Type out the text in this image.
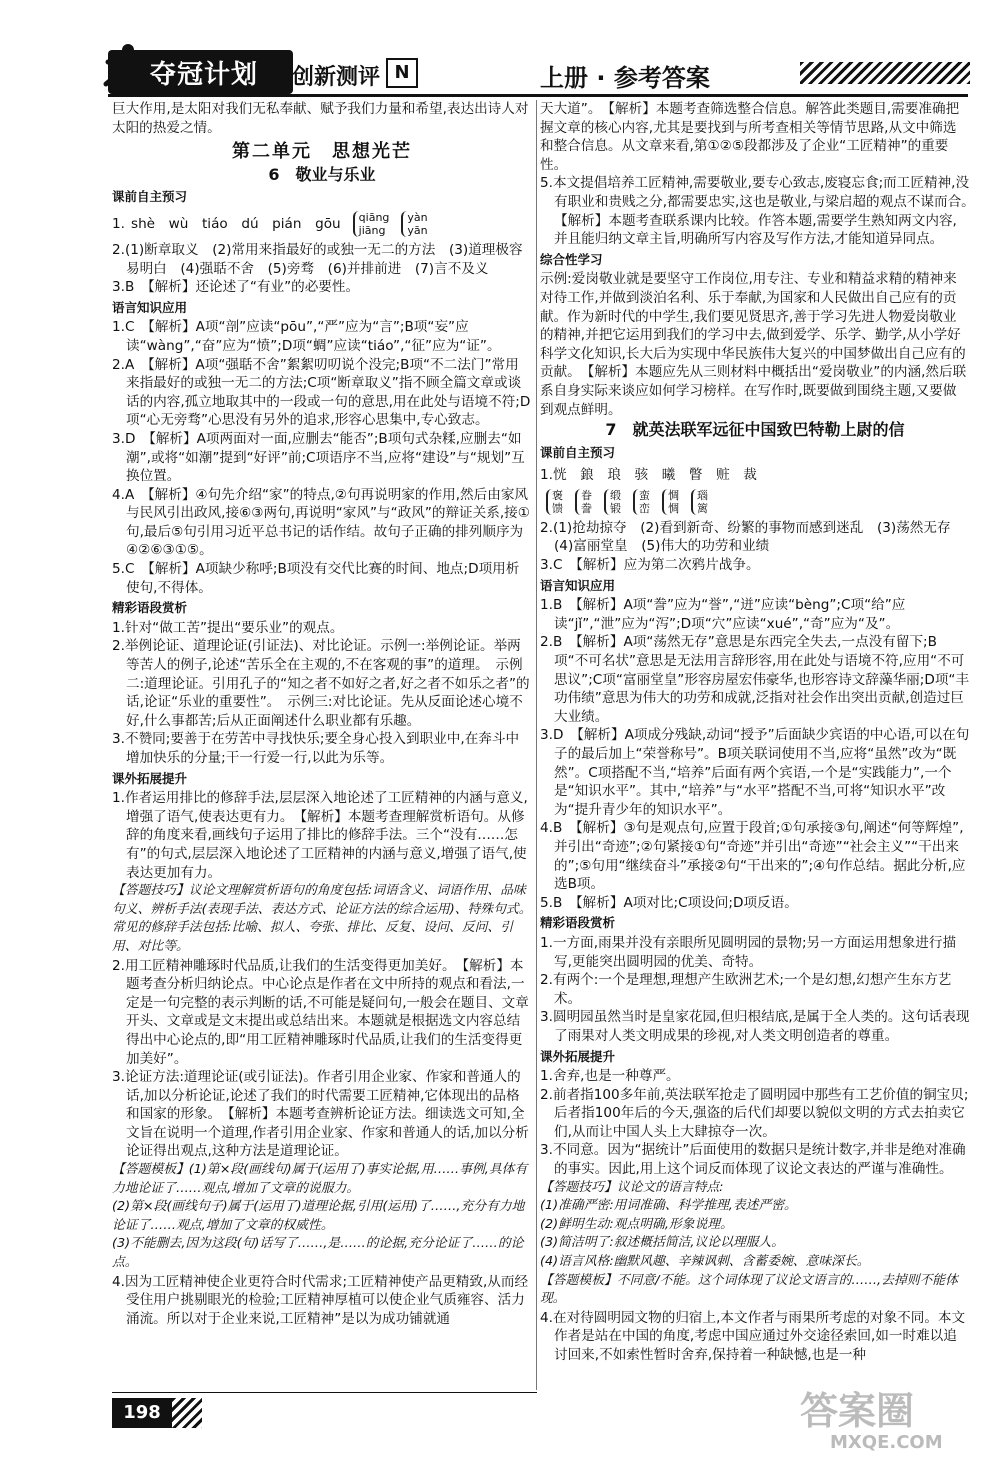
夺冠计划 创新测评 N	上册 · 参考答案

巨大作用,是太阳对我们无私奉献、赋予我们力量和希望,表达出诗人对太阳的热爱之情。

第二单元　思想光芒
6　敬业与乐业
课前自主预习
1. shè　wù　tiáo　dú　pián　gōu qiāng
jiāng
yàn
yān

2.(1)断章取义　(2)常用来指最好的或独一无二的方法　(3)道理极容易明白　(4)强聒不舍　(5)旁骛　(6)并排前进　(7)言不及义

3.B　【解析】还论述了“有业”的必要性。

语言知识应用

1.C　【解析】A项“剖”应读“pōu”,“严”应为“言”;B项“妄”应读“wàng”,“奋”应为“愤”;D项“蜩”应读“tiáo”,“征”应为“证”。

2.A　【解析】A项“强聒不舍”絮絮叨叨说个没完;B项“不二法门”常用来指最好的或独一无二的方法;C项“断章取义”指不顾全篇文章或谈话的内容,孤立地取其中的一段或一句的意思,用在此处与语境不符;D项“心无旁骛”心思没有另外的追求,形容心思集中,专心致志。

3.D　【解析】A项两面对一面,应删去“能否”;B项句式杂糅,应删去“如潮”,或将“如潮”提到“好评”前;C项语序不当,应将“建设”与“规划”互换位置。

4.A　【解析】④句先介绍“家”的特点,②句再说明家的作用,然后由家风与民风引出政风,接⑥③两句,再说明“家风”与“政风”的辩证关系,接①句,最后⑤句引用习近平总书记的话作结。故句子正确的排列顺序为④②⑥③①⑤。

5.C　【解析】A项缺少称呼;B项没有交代比赛的时间、地点;D项用析使句,不得体。

精彩语段赏析

1.针对“做工苦”提出“要乐业”的观点。

2.举例论证、道理论证(引证法)、对比论证。示例一:举例论证。举两等苦人的例子,论述“苦乐全在主观的,不在客观的事”的道理。　示例二:道理论证。引用孔子的“知之者不如好之者,好之者不如乐之者”的话,论证“乐业的重要性”。　示例三:对比论证。先从反面论述心境不好,什么事都苦;后从正面阐述什么职业都有乐趣。

3.不赞同;要善于在劳苦中寻找快乐;要全身心投入到职业中,在奔斗中增加快乐的分量;干一行爱一行,以此为乐等。

课外拓展提升

1.作者运用排比的修辞手法,层层深入地论述了工匠精神的内涵与意义,增强了语气,使表达更有力。　【解析】本题考查理解赏析语句。从修辞的角度来看,画线句子运用了排比的修辞手法。三个“没有……怎有”的句式,层层深入地论述了工匠精神的内涵与意义,增强了语气,使表达更加有力。

【答题技巧】议论文理解赏析语句的角度包括:词语含义、词语作用、品味句义、辨析手法(表现手法、表达方式、论证方法的综合运用)、特殊句式。常见的修辞手法包括:比喻、拟人、夸张、排比、反复、设问、反问、引用、对比等。

2.用工匠精神雕琢时代品质,让我们的生活变得更加美好。　【解析】本题考查分析归纳论点。中心论点是作者在文中所持的观点和看法,一定是一句完整的表示判断的话,不可能是疑问句,一般会在题目、文章开头、文章或是文末提出或总结出来。本题就是根据选文内容总结得出中心论点的,即“用工匠精神雕琢时代品质,让我们的生活变得更加美好”。

3.论证方法:道理论证(或引证法)。作者引用企业家、作家和普通人的话,加以分析论证,论述了我们的时代需要工匠精神,它体现出的品格和国家的形象。　【解析】本题考查辨析论证方法。细读选文可知,全文旨在说明一个道理,作者引用企业家、作家和普通人的话,加以分析论证得出观点,这种方法是道理论证。

【答题模板】(1)第×段(画线句)属于(运用了)事实论据,用……事例,具体有力地论证了……观点,增加了文章的说服力。

(2)第×段(画线句子)属于(运用了)道理论据,引用(运用)了……,充分有力地论证了……观点,增加了文章的权威性。

(3)不能删去,因为这段(句)话写了……,是……的论据,充分论证了……的论点。

4.因为工匠精神使企业更符合时代需求;工匠精神使产品更精致,从而经受住用户挑剔眼光的检验;工匠精神厚植可以使企业气质雍容、活力涌流。所以对于企业来说,工匠精神”是以为成功铺就通

天大道”。　【解析】本题考查筛选整合信息。解答此类题目,需要准确把握文章的核心内容,尤其是要找到与所考查相关等情节思路,从文中筛选和整合信息。从文章来看,第①②⑤段都涉及了企业“工匠精神”的重要性。

5.本文提倡培养工匠精神,需要敬业,要专心致志,废寝忘食;而工匠精神,没有职业和贵贱之分,都需要忠实,这也是敬业,与梁启超的观点不谋而合。　【解析】本题考查联系课内比较。作答本题,需要学生熟知两文内容,并且能归纳文章主旨,明确所写内容及写作方法,才能知道异同点。

综合性学习

示例:爱岗敬业就是要坚守工作岗位,用专注、专业和精益求精的精神来对待工作,并做到淡泊名利、乐于奉献,为国家和人民做出自己应有的贡献。作为新时代的中学生,我们要见贤思齐,善于学习先进人物爱岗敬业的精神,并把它运用到我们的学习中去,做到爱学、乐学、勤学,从小学好科学文化知识,长大后为实现中华民族伟大复兴的中国梦做出自己应有的贡献。　【解析】本题应先从三则材料中概括出“爱岗敬业”的内涵,然后联系自身实际来谈应如何学习榜样。在写作时,既要做到围绕主题,又要做到观点鲜明。

7　就英法联军远征中国致巴特勒上尉的信
课前自主预习
1.恍　鋃　琅　骇　曦　瞥　赃　裁
褒
馈
眷
誊
缎
锻
蛮
峦
惆
惆
瑙
篱

2.(1)抢劫掠夺　(2)看到新奇、纷繁的事物而感到迷乱　(3)荡然无存　(4)富丽堂皇　(5)伟大的功劳和业绩

3.C　【解析】应为第二次鸦片战争。

语言知识应用

1.B　【解析】A项“誊”应为“誉”,“迸”应读“bèng”;C项“给”应读“jǐ”,“泄”应为“泻”;D项“穴”应读“xué”,“奇”应为“及”。

2.B　【解析】A项“荡然无存”意思是东西完全失去,一点没有留下;B项“不可名状”意思是无法用言辞形容,用在此处与语境不符,应用“不可思议”;C项“富丽堂皇”形容房屋宏伟豪华,也形容诗文辞藻华丽;D项“丰功伟绩”意思为伟大的功劳和成就,泛指对社会作出突出贡献,创造过巨大业绩。

3.D　【解析】A项成分残缺,动词“授予”后面缺少宾语的中心语,可以在句子的最后加上“荣誉称号”。B项关联词使用不当,应将“虽然”改为“既然”。C项搭配不当,“培养”后面有两个宾语,一个是“实践能力”,一个是“知识水平”。其中,“培养”与“水平”搭配不当,可将“知识水平”改为“提升青少年的知识水平”。

4.B　【解析】③句是观点句,应置于段首;①句承接③句,阐述“何等辉煌”,并引出“奇迹”;②句紧接①句“奇迹”并引出“奇迹”“社会主义”“干出来的”;⑤句用“继续奋斗”承接②句“干出来的”;④句作总结。据此分析,应选B项。

5.B　【解析】A项对比;C项设问;D项反语。

精彩语段赏析

1.一方面,雨果并没有亲眼所见圆明园的景物;另一方面运用想象进行描写,更能突出圆明园的优美、奇特。

2.有两个:一个是理想,理想产生欧洲艺术;一个是幻想,幻想产生东方艺术。

3.圆明园虽然当时是皇家花园,但归根结底,是属于全人类的。这句话表现了雨果对人类文明成果的珍视,对人类文明创造者的尊重。

课外拓展提升

1.舍弃,也是一种尊严。

2.前者指100多年前,英法联军抢走了圆明园中那些有工艺价值的铜宝贝;后者指100年后的今天,强盗的后代们却要以貌似文明的方式去拍卖它们,从而让中国人头上大肆掠夺一次。

3.不同意。因为“据统计”后面使用的数据只是统计数字,并非是绝对准确的事实。因此,用上这个词反而体现了议论文表达的严谨与准确性。

【答题技巧】议论文的语言特点:

(1)准确严密:用词准确、科学推理,表述严密。

(2)鲜明生动:观点明确,形象说理。

(3)简洁明了:叙述概括简洁,议论以理服人。

(4)语言风格:幽默风趣、辛辣讽刺、含蓄委婉、意味深长。

【答题模板】不同意/不能。这个词体现了议论文语言的……,去掉则不能体现。

4.在对待圆明园文物的归宿上,本文作者与雨果所考虑的对象不同。本文作者是站在中国的角度,考虑中国应通过外交途径索回,如一时难以追讨回来,不如索性暂时舍弃,保持着一种缺憾,也是一种

198	答案圈
MXQE.COM
